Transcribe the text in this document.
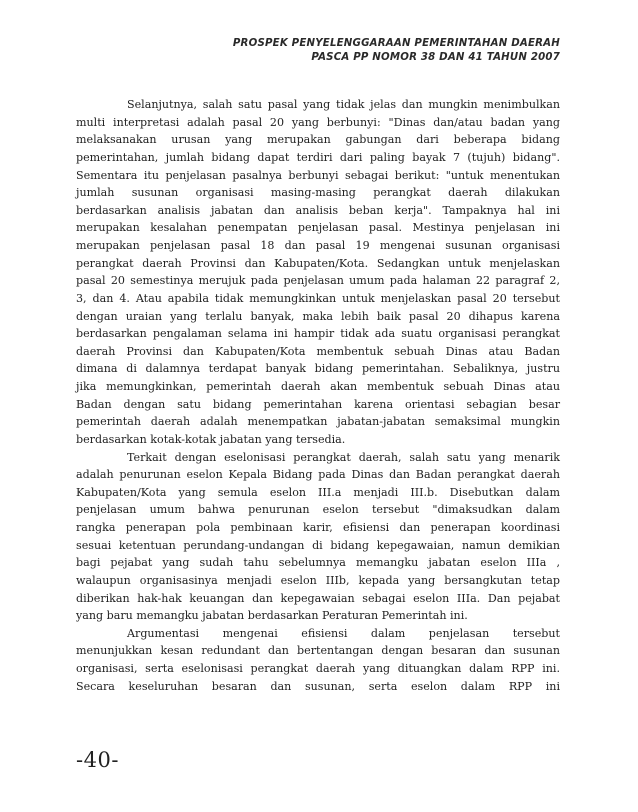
PROSPEK PENYELENGGARAAN PEMERINTAHAN DAERAH
PASCA PP NOMOR 38 DAN 41 TAHUN 2007
Selanjutnya, salah satu pasal yang tidak jelas dan mungkin menimbulkan
multi interpretasi adalah pasal 20 yang berbunyi: "Dinas dan/atau badan yang
melaksanakan urusan yang merupakan gabungan dari beberapa bidang
pemerintahan, jumlah bidang dapat terdiri dari paling bayak 7 (tujuh) bidang".
Sementara itu penjelasan pasalnya berbunyi sebagai berikut: "untuk menentukan
jumlah susunan organisasi masing-masing perangkat daerah dilakukan
berdasarkan analisis jabatan dan analisis beban kerja". Tampaknya hal ini
merupakan kesalahan penempatan penjelasan pasal. Mestinya penjelasan ini
merupakan penjelasan pasal 18 dan pasal 19 mengenai susunan organisasi
perangkat daerah Provinsi dan Kabupaten/Kota. Sedangkan untuk menjelaskan
pasal 20 semestinya merujuk pada penjelasan umum pada halaman 22 paragraf 2,
3, dan 4. Atau apabila tidak memungkinkan untuk menjelaskan pasal 20 tersebut
dengan uraian yang terlalu banyak, maka lebih baik pasal 20 dihapus karena
berdasarkan pengalaman selama ini hampir tidak ada suatu organisasi perangkat
daerah Provinsi dan Kabupaten/Kota membentuk sebuah Dinas atau Badan
dimana di dalamnya terdapat banyak bidang pemerintahan. Sebaliknya, justru
jika memungkinkan, pemerintah daerah akan membentuk sebuah Dinas atau
Badan dengan satu bidang pemerintahan karena orientasi sebagian besar
pemerintah daerah adalah menempatkan jabatan-jabatan semaksimal mungkin
berdasarkan kotak-kotak jabatan yang tersedia.
Terkait dengan eselonisasi perangkat daerah, salah satu yang menarik
adalah penurunan eselon Kepala Bidang pada Dinas dan Badan perangkat daerah
Kabupaten/Kota yang semula eselon III.a menjadi III.b. Disebutkan dalam
penjelasan umum bahwa penurunan eselon tersebut "dimaksudkan dalam
rangka penerapan pola pembinaan karir, efisiensi dan penerapan koordinasi
sesuai ketentuan perundang-undangan di bidang kepegawaian, namun demikian
bagi pejabat yang sudah tahu sebelumnya memangku jabatan eselon IIIa ,
walaupun organisasinya menjadi eselon IIIb, kepada yang bersangkutan tetap
diberikan hak-hak keuangan dan kepegawaian sebagai eselon IIIa. Dan pejabat
yang baru memangku jabatan berdasarkan Peraturan Pemerintah ini.
Argumentasi mengenai efisiensi dalam penjelasan tersebut
menunjukkan kesan redundant dan bertentangan dengan besaran dan susunan
organisasi, serta eselonisasi perangkat daerah yang dituangkan dalam RPP ini.
Secara keseluruhan besaran dan susunan, serta eselon dalam RPP ini
-40-
